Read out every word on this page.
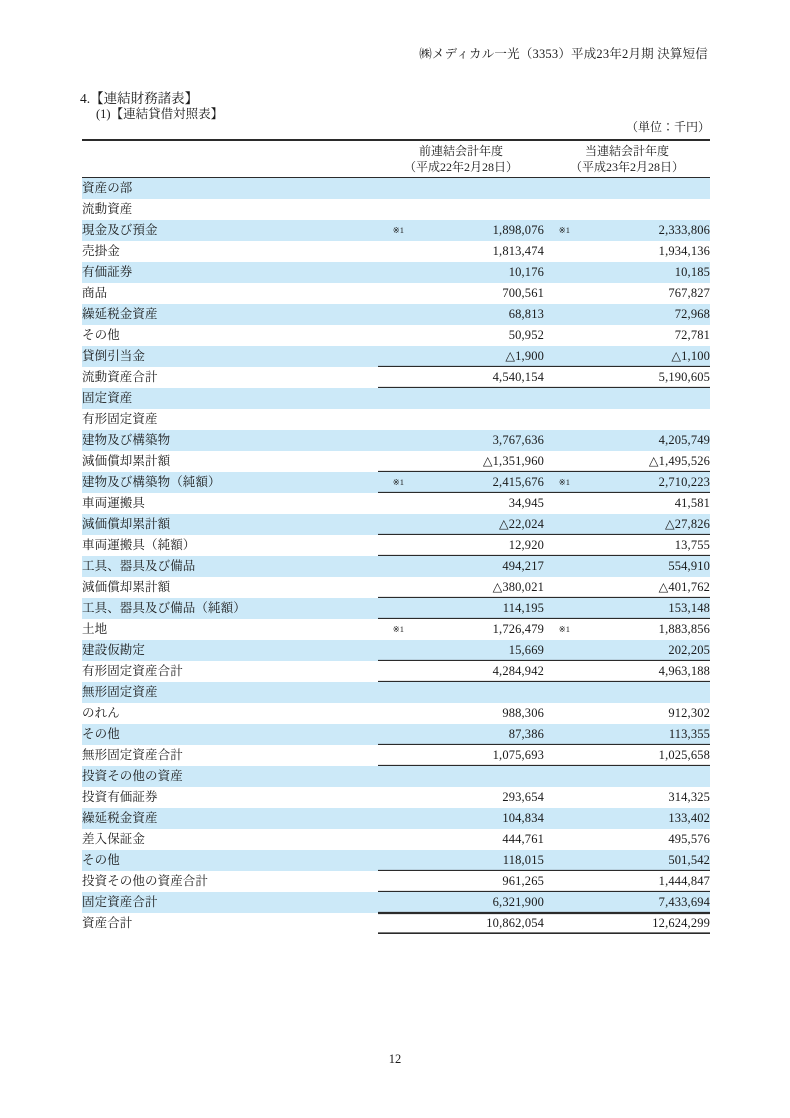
㈱メディカル一光（3353）平成23年2月期 決算短信
4.【連結財務諸表】
(1)【連結貸借対照表】
（単位：千円）

	前連結会計年度
（平成22年2月28日）		当連結会計年度
（平成23年2月28日）	

資産の部				
流動資産				
現金及び預金	※1	1,898,076	※1	2,333,806
売掛金		1,813,474		1,934,136
有価証券		10,176		10,185
商品		700,561		767,827
繰延税金資産		68,813		72,968
その他		50,952		72,781
貸倒引当金		△1,900		△1,100
流動資産合計		4,540,154		5,190,605
固定資産				
有形固定資産				
建物及び構築物		3,767,636		4,205,749
減価償却累計額		△1,351,960		△1,495,526
建物及び構築物（純額）	※1	2,415,676	※1	2,710,223
車両運搬具		34,945		41,581
減価償却累計額		△22,024		△27,826
車両運搬具（純額）		12,920		13,755
工具、器具及び備品		494,217		554,910
減価償却累計額		△380,021		△401,762
工具、器具及び備品（純額）		114,195		153,148
土地	※1	1,726,479	※1	1,883,856
建設仮勘定		15,669		202,205
有形固定資産合計		4,284,942		4,963,188
無形固定資産				
のれん		988,306		912,302
その他		87,386		113,355
無形固定資産合計		1,075,693		1,025,658
投資その他の資産				
投資有価証券		293,654		314,325
繰延税金資産		104,834		133,402
差入保証金		444,761		495,576
その他		118,015		501,542
投資その他の資産合計		961,265		1,444,847
固定資産合計		6,321,900		7,433,694
資産合計		10,862,054		12,624,299
12
